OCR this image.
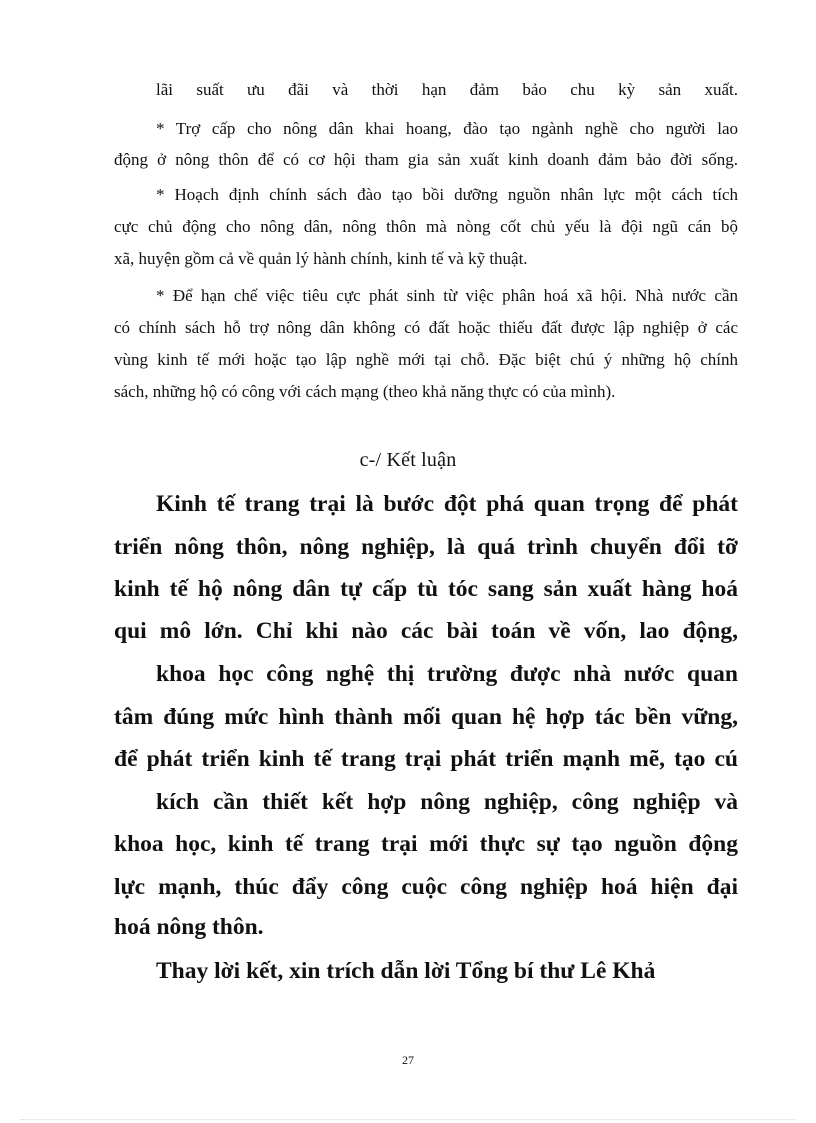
lãi suất ưu đãi và thời hạn đảm bảo chu kỳ sản xuất.

* Trợ cấp cho nông dân khai hoang, đào tạo ngành nghề cho người lao

động ở nông thôn để có cơ hội tham gia sản xuất kinh doanh đảm bảo đời sống.

* Hoạch định chính sách đào tạo bồi dưỡng nguồn nhân lực một cách tích

cực chủ động cho nông dân, nông thôn mà nòng cốt chủ yếu là đội ngũ cán bộ

xã, huyện gồm cả về quản lý hành chính, kinh tế và kỹ thuật.

* Để hạn chế việc tiêu cực phát sinh từ việc phân hoá xã hội. Nhà nước cần

có chính sách hỗ trợ nông dân không có đất hoặc thiếu đất được lập nghiệp ở các

vùng kinh tế mới hoặc tạo lập nghề mới tại chỗ. Đặc biệt chú ý những hộ chính

sách, những hộ có công với cách mạng (theo khả năng thực có của mình).

c-/ Kết luận

Kinh tế trang trại là bước đột phá quan trọng để phát

triển nông thôn, nông nghiệp, là quá trình chuyển đổi tỡ

kinh tế hộ nông dân tự cấp tù tóc sang sản xuất hàng hoá

qui mô lớn. Chỉ khi nào các bài toán về vốn, lao động,

khoa học công nghệ thị trường được nhà nước quan

tâm đúng mức hình thành mối quan hệ hợp tác bền vững,

để phát triển kinh tế trang trại phát triển mạnh mẽ, tạo cú

kích cần thiết kết hợp nông nghiệp, công nghiệp và

khoa học, kinh tế trang trại mới thực sự tạo nguồn động

lực mạnh, thúc đẩy công cuộc công nghiệp hoá hiện đại

hoá nông thôn.

Thay lời kết, xin trích dẫn lời Tổng bí thư Lê Khả

27
